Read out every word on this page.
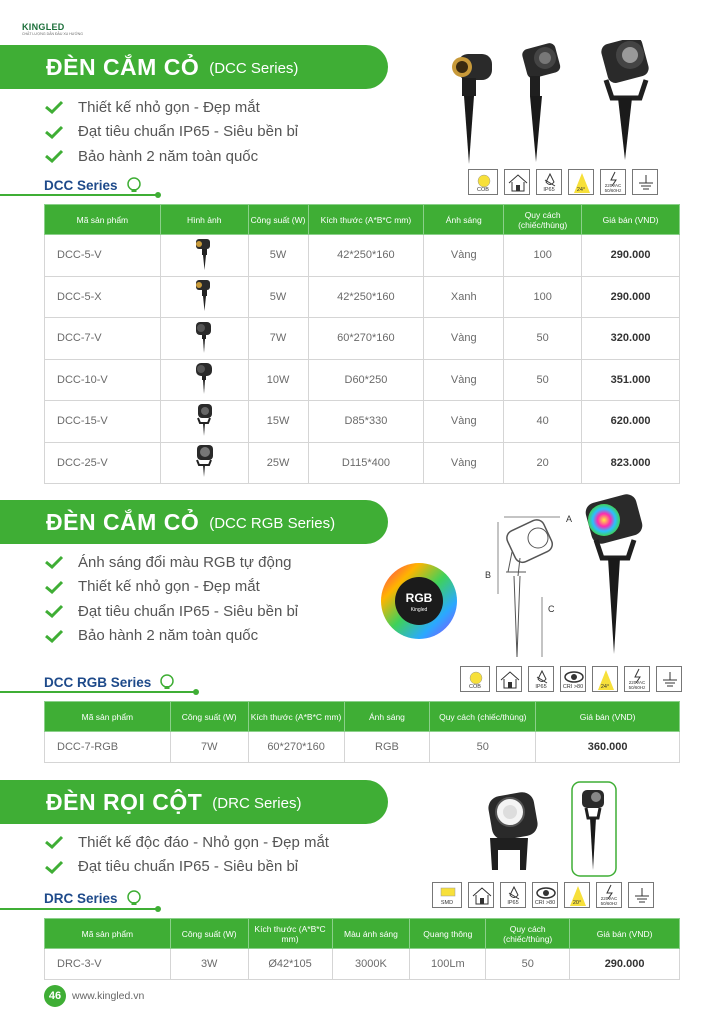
KINGLED
CHẤT LƯỢNG DẪN ĐẦU XU HƯỚNG
ĐÈN CẮM CỎ (DCC Series)
Thiết kế nhỏ gọn - Đẹp mắt
Đạt tiêu chuẩn IP65 - Siêu bền bỉ
Bảo hành 2 năm toàn quốc
DCC Series	COB	IP65	24°
220VAC 50/60Hz
Mã sản phẩm	Hình ảnh	Công suất (W)	Kích thước (A*B*C mm)	Ánh sáng	Quy cách (chiếc/thùng)	Giá bán (VND)
DCC-5-V		5W	42*250*160	Vàng	100	290.000
DCC-5-X		5W	42*250*160	Xanh	100	290.000
DCC-7-V		7W	60*270*160	Vàng	50	320.000
DCC-10-V		10W	D60*250	Vàng	50	351.000
DCC-15-V		15W	D85*330	Vàng	40	620.000
DCC-25-V		25W	D115*400	Vàng	20	823.000
ĐÈN CẮM CỎ (DCC RGB Series)
Ánh sáng đổi màu RGB tự động
Thiết kế nhỏ gọn - Đẹp mắt
Đạt tiêu chuẩn IP65 - Siêu bền bỉ
Bảo hành 2 năm toàn quốc
RGB
Kingled
A
B
C
DCC RGB Series	COB	IP65	CRI >80	24°
220VAC 50/60Hz
Mã sản phẩm	Công suất (W)	Kích thước (A*B*C mm)	Ánh sáng	Quy cách (chiếc/thùng)	Giá bán (VND)
DCC-7-RGB	7W	60*270*160	RGB	50	360.000
ĐÈN RỌI CỘT (DRC Series)
Thiết kế độc đáo - Nhỏ gọn - Đẹp mắt
Đạt tiêu chuẩn IP65 - Siêu bền bỉ
DRC Series	SMD	IP65	CRI >80	20°
220VAC 50/60Hz
Mã sản phẩm	Công suất (W)	Kích thước (A*B*C mm)	Màu ánh sáng	Quang thông	Quy cách (chiếc/thùng)	Giá bán (VND)
DRC-3-V	3W	Ø42*105	3000K	100Lm	50	290.000
46	www.kingled.vn
